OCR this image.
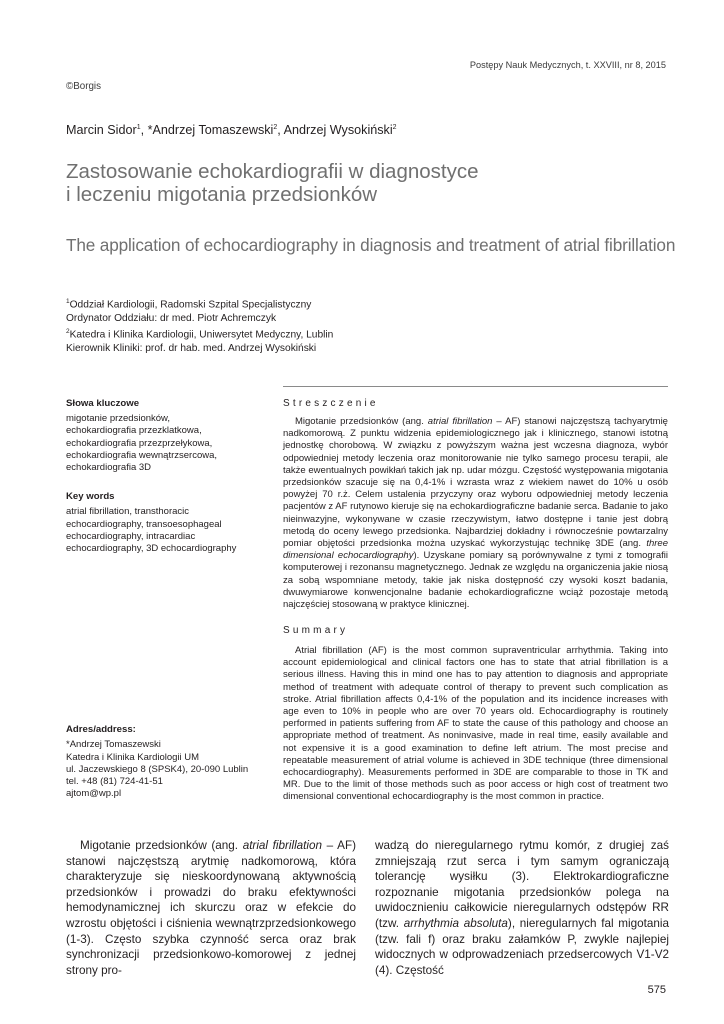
Postępy Nauk Medycznych, t. XXVIII, nr 8, 2015
©Borgis
Marcin Sidor$^1$, *Andrzej Tomaszewski$^2$, Andrzej Wysokiński$^2$
Zastosowanie echokardiografii w diagnostyce
i leczeniu migotania przedsionków
The application of echocardiography in diagnosis and treatment of atrial fibrillation
$^1$Oddział Kardiologii, Radomski Szpital Specjalistyczny
Ordynator Oddziału: dr med. Piotr Achremczyk
$^2$Katedra i Klinika Kardiologii, Uniwersytet Medyczny, Lublin
Kierownik Kliniki: prof. dr hab. med. Andrzej Wysokiński
Słowa kluczowe
migotanie przedsionków,
echokardiografia przezklatkowa,
echokardiografia przezprzełykowa,
echokardiografia wewnątrzsercowa,
echokardiografia 3D
Key words
atrial fibrillation, transthoracic
echocardiography, transoesophageal
echocardiography, intracardiac
echocardiography, 3D echocardiography
Adres/address:
*Andrzej Tomaszewski
Katedra i Klinika Kardiologii UM
ul. Jaczewskiego 8 (SPSK4), 20-090 Lublin
tel. +48 (81) 724-41-51
ajtom@wp.pl
Streszczenie

Migotanie przedsionków (ang. atrial fibrillation – AF) stanowi najczęstszą tachyarytmię nadkomorową. Z punktu widzenia epidemiologicznego jak i klinicznego, stanowi istotną jednostkę chorobową. W związku z powyższym ważna jest wczesna diagnoza, wybór odpowiedniej metody leczenia oraz monitorowanie nie tylko samego procesu terapii, ale także ewentualnych powikłań takich jak np. udar mózgu. Częstość występowania migotania przedsionków szacuje się na 0,4-1% i wzrasta wraz z wiekiem nawet do 10% u osób powyżej 70 r.ż. Celem ustalenia przyczyny oraz wyboru odpowiedniej metody leczenia pacjentów z AF rutynowo kieruje się na echokardiograficzne badanie serca. Badanie to jako nieinwazyjne, wykonywane w czasie rzeczywistym, łatwo dostępne i tanie jest dobrą metodą do oceny lewego przedsionka. Najbardziej dokładny i równocześnie powtarzalny pomiar objętości przedsionka można uzyskać wykorzystując technikę 3DE (ang. three dimensional echocardiography). Uzyskane pomiary są porównywalne z tymi z tomografii komputerowej i rezonansu magnetycznego. Jednak ze względu na organiczenia jakie niosą za sobą wspomniane metody, takie jak niska dostępność czy wysoki koszt badania, dwuwymiarowe konwencjonalne badanie echokardiograficzne wciąż pozostaje metodą najczęściej stosowaną w praktyce klinicznej.

Summary

Atrial fibrillation (AF) is the most common supraventricular arrhythmia. Taking into account epidemiological and clinical factors one has to state that atrial fibrillation is a serious illness. Having this in mind one has to pay attention to diagnosis and appropriate method of treatment with adequate control of therapy to prevent such complication as stroke. Atrial fibrillation affects 0,4-1% of the population and its incidence increases with age even to 10% in people who are over 70 years old. Echocardiography is routinely performed in patients suffering from AF to state the cause of this pathology and choose an appropriate method of treatment. As noninvasive, made in real time, easily available and not expensive it is a good examination to define left atrium. The most precise and repeatable measurement of atrial volume is achieved in 3DE technique (three dimensional echocardiography). Measurements performed in 3DE are comparable to those in TK and MR. Due to the limit of those methods such as poor access or high cost of treatment two dimensional conventional echocardiography is the most common in practice.

Migotanie przedsionków (ang. atrial fibrillation – AF) stanowi najczęstszą arytmię nadkomorową, która charakteryzuje się nieskoordynowaną aktywnością przedsionków i prowadzi do braku efektywności hemodynamicznej ich skurczu oraz w efekcie do wzrostu objętości i ciśnienia wewnątrzprzedsionkowego (1-3). Często szybka czynność serca oraz brak synchronizacji przedsionkowo-komorowej z jednej strony pro-

wadzą do nieregularnego rytmu komór, z drugiej zaś zmniejszają rzut serca i tym samym ograniczają tolerancję wysiłku (3). Elektrokardiograficzne rozpoznanie migotania przedsionków polega na uwidocznieniu całkowicie nieregularnych odstępów RR (tzw. arrhythmia absoluta), nieregularnych fal migotania (tzw. fali f) oraz braku załamków P, zwykle najlepiej widocznych w odprowadzeniach przedsercowych V1-V2 (4). Częstość

575
